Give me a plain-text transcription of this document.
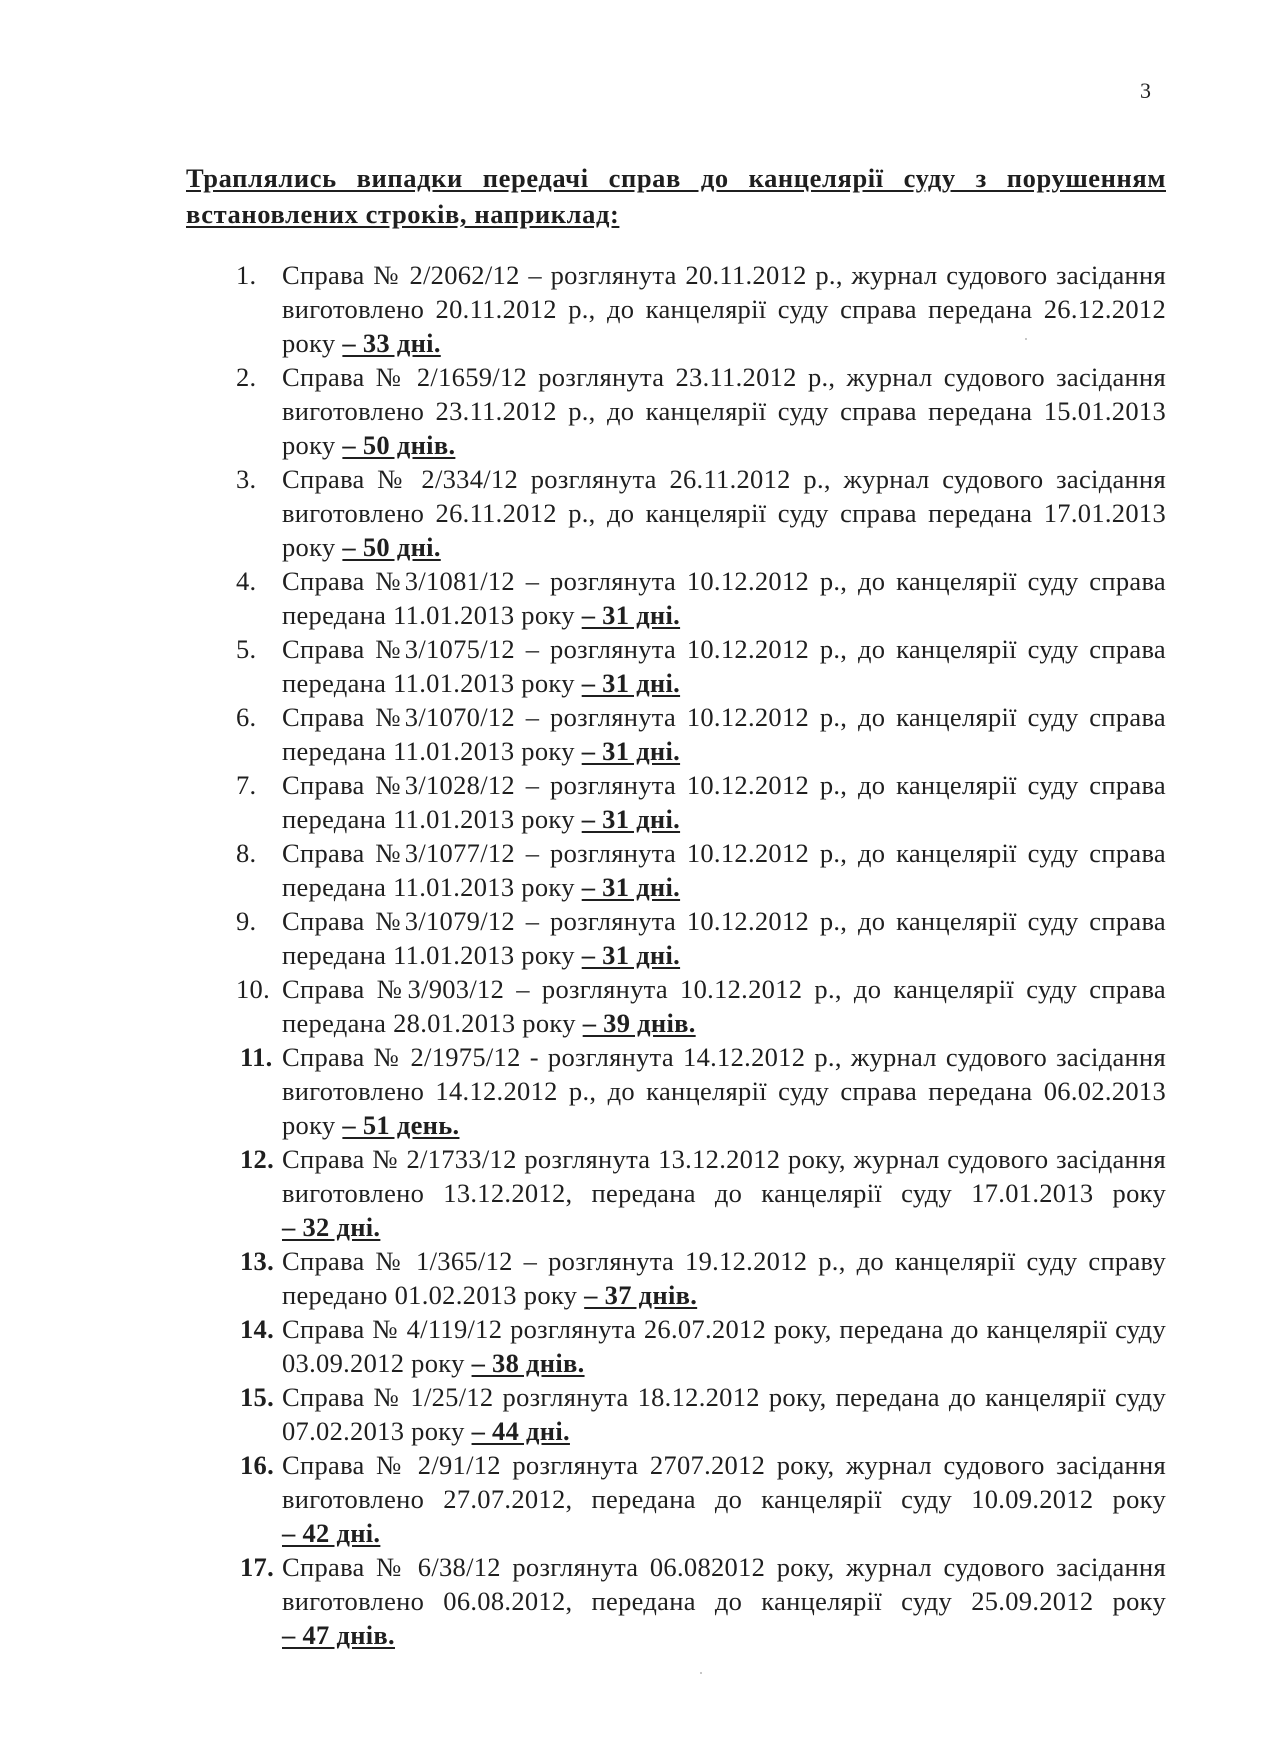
3
Траплялись випадки передачі справ до канцелярії суду з порушенням встановлених строків, наприклад:
1. Справа № 2/2062/12 – розглянута 20.11.2012 р., журнал судового засідання виготовлено 20.11.2012 р., до канцелярії суду справа передана 26.12.2012 року – 33 дні.
2. Справа № 2/1659/12 розглянута 23.11.2012 р., журнал судового засідання виготовлено 23.11.2012 р., до канцелярії суду справа передана 15.01.2013 року – 50 днів.
3. Справа № 2/334/12 розглянута 26.11.2012 р., журнал судового засідання виготовлено 26.11.2012 р., до канцелярії суду справа передана 17.01.2013 року – 50 дні.
4. Справа №3/1081/12 – розглянута 10.12.2012 р., до канцелярії суду справа передана 11.01.2013 року – 31 дні.
5. Справа №3/1075/12 – розглянута 10.12.2012 р., до канцелярії суду справа передана 11.01.2013 року – 31 дні.
6. Справа №3/1070/12 – розглянута 10.12.2012 р., до канцелярії суду справа передана 11.01.2013 року – 31 дні.
7. Справа №3/1028/12 – розглянута 10.12.2012 р., до канцелярії суду справа передана 11.01.2013 року – 31 дні.
8. Справа №3/1077/12 – розглянута 10.12.2012 р., до канцелярії суду справа передана 11.01.2013 року – 31 дні.
9. Справа №3/1079/12 – розглянута 10.12.2012 р., до канцелярії суду справа передана 11.01.2013 року – 31 дні.
10. Справа №3/903/12 – розглянута 10.12.2012 р., до канцелярії суду справа передана 28.01.2013 року – 39 днів.
11. Справа № 2/1975/12 - розглянута 14.12.2012 р., журнал судового засідання виготовлено 14.12.2012 р., до канцелярії суду справа передана 06.02.2013 року – 51 день.
12. Справа № 2/1733/12 розглянута 13.12.2012 року, журнал судового засідання виготовлено 13.12.2012, передана до канцелярії суду 17.01.2013 року – 32 дні.
13. Справа № 1/365/12 – розглянута 19.12.2012 р., до канцелярії суду справу передано 01.02.2013 року – 37 днів.
14. Справа № 4/119/12 розглянута 26.07.2012 року, передана до канцелярії суду 03.09.2012 року – 38 днів.
15. Справа № 1/25/12 розглянута 18.12.2012 року, передана до канцелярії суду 07.02.2013 року – 44 дні.
16. Справа № 2/91/12 розглянута 2707.2012 року, журнал судового засідання виготовлено 27.07.2012, передана до канцелярії суду 10.09.2012 року – 42 дні.
17. Справа № 6/38/12 розглянута 06.082012 року, журнал судового засідання виготовлено 06.08.2012, передана до канцелярії суду 25.09.2012 року – 47 днів.
